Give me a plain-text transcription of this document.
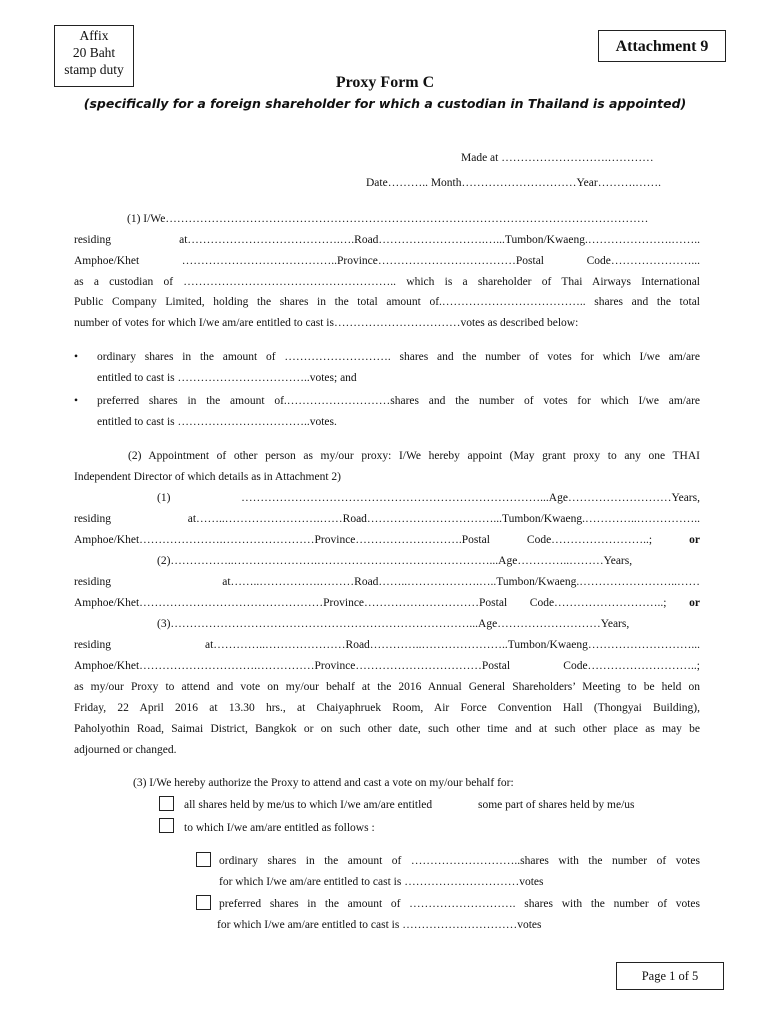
Affix
20 Baht
stamp duty
Attachment 9
Proxy Form C
(specifically for a foreign shareholder for which a custodian in Thailand is appointed)
Made at ……………………….…………
Date……….. Month…………………………Year……….…….
(1) I/We………………………………………………………………………………………………………………
residing at………………………………….….Road……………………….…...Tumbon/Kwaeng.………………….……..
Amphoe/Khet …………………………………..Province………………………………Postal Code…………………...
as a custodian of ……………………………………………….. which is a shareholder of Thai Airways International
Public Company Limited, holding the shares in the total amount of.……………………………….. shares and the total
number of votes for which I/we am/are entitled to cast is……………………………votes as described below:
• ordinary shares in the amount of ………………………. shares and the number of votes for which I/we am/are
entitled to cast is ……………………………..votes; and
• preferred shares in the amount of.………………………shares and the number of votes for which I/we am/are
entitled to cast is ……………………………..votes.
(2) Appointment of other person as my/our proxy: I/We hereby appoint (May grant proxy to any one THAI
Independent Director of which details as in Attachment 2)
(1) ……………………………………………………………………...Age………………………Years,
residing at……..…………………….……Road……………………………...Tumbon/Kwaeng.…………..……………..
Amphoe/Khet………………….……………………Province……………………….Postal Code……………………..; or
(2)……………..………………….………………………………………...Age…………..………Years,
residing at……..…………….………Road……..……………….…..Tumbon/Kwaeng.……………………..……
Amphoe/Khet…………………………………………Province…………………………Postal Code………………………..; or
(3)……………………………………………………………………...Age………………………Years,
residing at…………..…………………Road…………..…………………..Tumbon/Kwaeng………………………...
Amphoe/Khet………………………….……………Province……………………………Postal Code………………………..;
as my/our Proxy to attend and vote on my/our behalf at the 2016 Annual General Shareholders’ Meeting to be held on
Friday, 22 April 2016 at 13.30 hrs., at Chaiyaphruek Room, Air Force Convention Hall (Thongyai Building),
Paholyothin Road, Saimai District, Bangkok or on such other date, such other time and at such other place as may be
adjourned or changed.
(3) I/We hereby authorize the Proxy to attend and cast a vote on my/our behalf for:
all shares held by me/us to which I/we am/are entitled	some part of shares held by me/us
to which I/we am/are entitled as follows :
ordinary shares in the amount of ………………………..shares with the number of votes
for which I/we am/are entitled to cast is …………………………votes
preferred shares in the amount of ………………………. shares with the number of votes
for which I/we am/are entitled to cast is …………………………votes
Page 1 of 5
